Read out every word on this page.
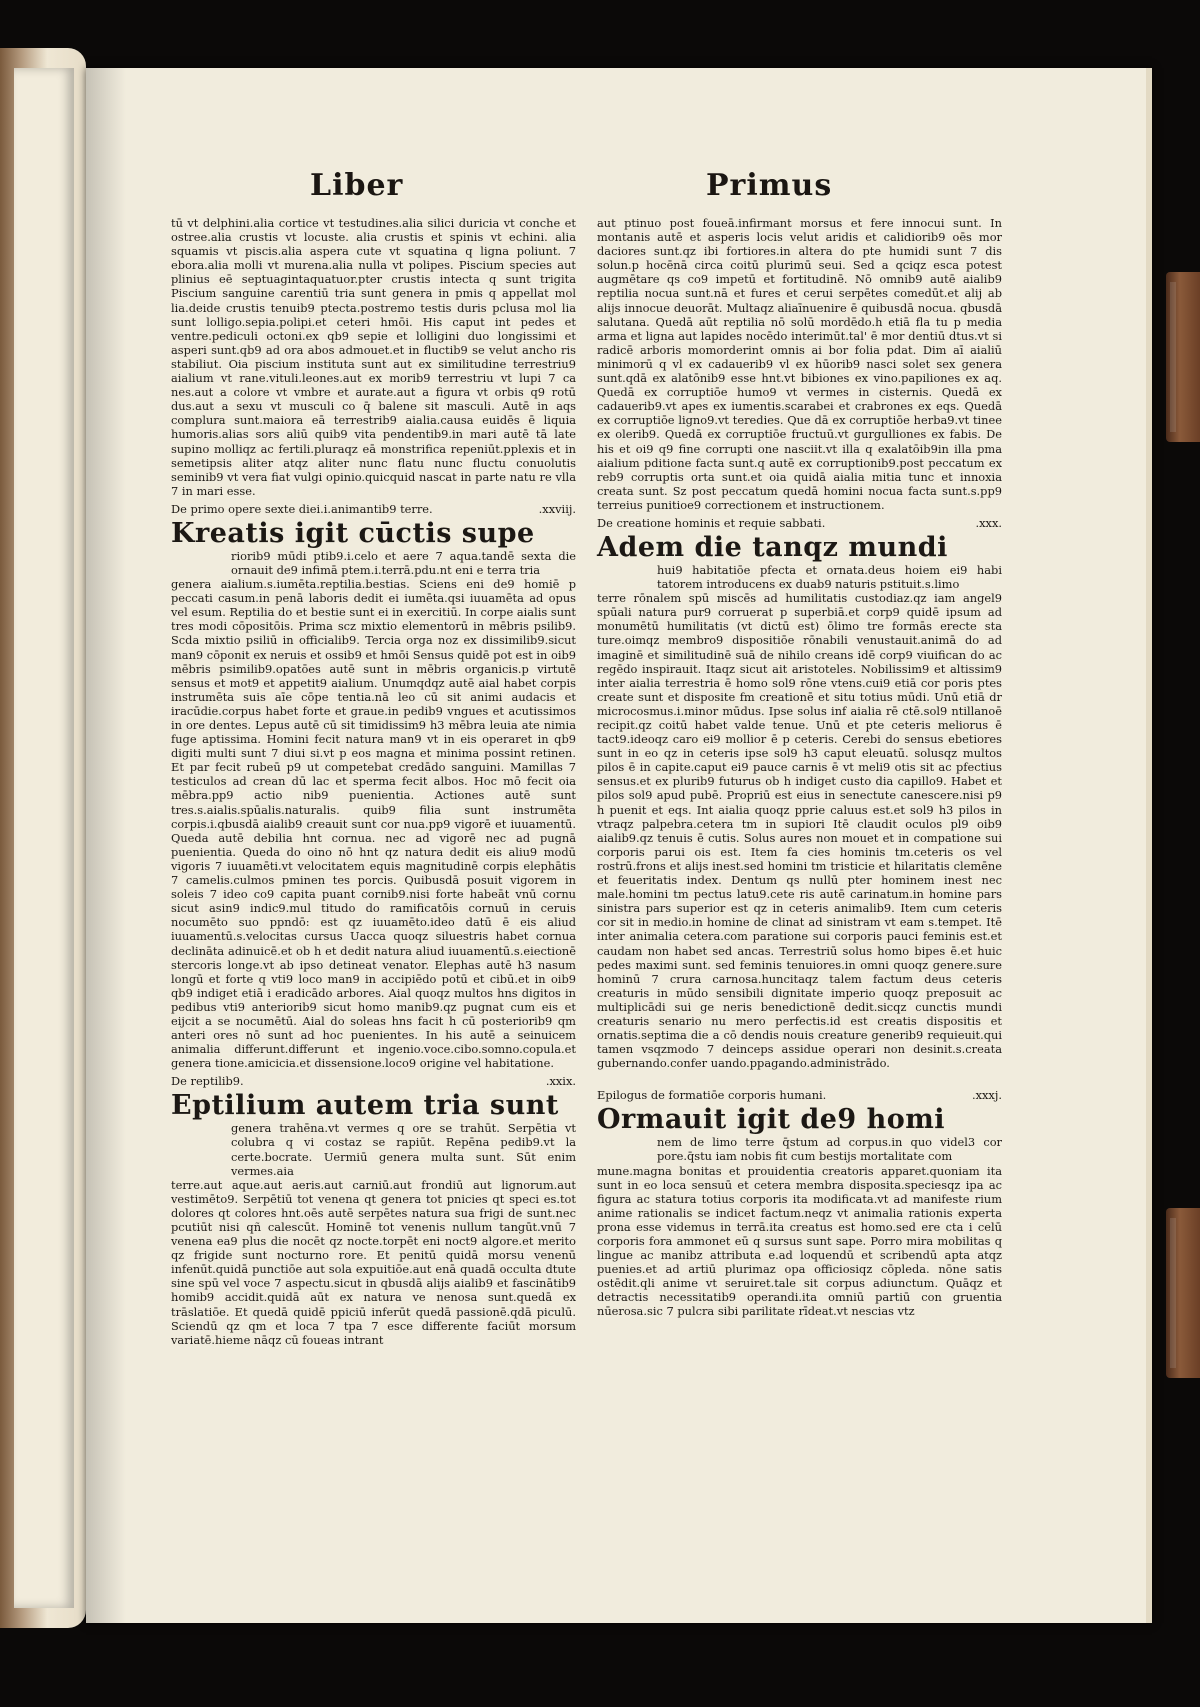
Liber	Primus

tū vt delphini.alia cortice vt testudines.alia silici duricia vt conche et ostree.alia crustis vt locuste. alia crustis et spinis vt echini. alia squamis vt piscis.alia aspera cute vt squatina q ligna poliunt. 7 ebora.alia molli vt murena.alia nulla vt polipes. Piscium species aut plinius eē septuagintaquatuor.pter crustis intecta q sunt trigita Piscium sanguine carentiū tria sunt genera in pmis q appellat mol lia.deide crustis tenuib9 ptecta.postremo testis duris pclusa mol lia sunt lolligo.sepia.polipi.et ceteri hmōi. His caput int pedes et ventre.pediculi octoni.ex qb9 sepie et lolligini duo longissimi et asperi sunt.qb9 ad ora abos admouet.et in fluctib9 se velut ancho ris stabiliut. Oia piscium instituta sunt aut ex similitudine terrestriu9 aialium vt rane.vituli.leones.aut ex morib9 terrestriu vt lupi 7 ca nes.aut a colore vt vmbre et aurate.aut a figura vt orbis q9 rotū dus.aut a sexu vt musculi co q̄ balene sit masculi. Autē in aqs complura sunt.maiora eā terrestrib9 aialia.causa euidēs ē liquia humoris.alias sors aliū quib9 vita pendentib9.in mari autē tā late supino molliqz ac fertili.pluraqz eā monstrifica repeniūt.pplexis et in semetipsis aliter atqz aliter nunc flatu nunc fluctu conuolutis seminib9 vt vera fiat vulgi opinio.quicquid nascat in parte natu re vlla 7 in mari esse.

De primo opere sexte diei.i.animantib9 terre.	.xxviij.
Kreatis igit cūctis supe

riorib9 mūdi ptib9.i.celo et aere 7 aqua.tandē sexta die ornauit de9 infimā ptem.i.terrā.pdu.nt eni e terra tria

genera aialium.s.iumēta.reptilia.bestias. Sciens eni de9 homiē p peccati casum.in penā laboris dedit ei iumēta.qsi iuuamēta ad opus vel esum. Reptilia do et bestie sunt ei in exercitiū. In corpe aialis sunt tres modi cōpositōis. Prima scz mixtio elementorū in mēbris psilib9. Scda mixtio psiliū in officialib9. Tercia orga noz ex dissimilib9.sicut man9 cōponit ex neruis et ossib9 et hmōi Sensus quidē pot est in oib9 mēbris psimilib9.opatōes autē sunt in mēbris organicis.p virtutē sensus et mot9 et appetit9 aialium. Unumqdqz autē aial habet corpis instrumēta suis aīe cōpe tentia.nā leo cū sit animi audacis et iracūdie.corpus habet forte et graue.in pedib9 vngues et acutissimos in ore dentes. Lepus autē cū sit timidissim9 h3 mēbra leuia ate nimia fuge aptissima. Homini fecit natura man9 vt in eis operaret in qb9 digiti multi sunt 7 diui si.vt p eos magna et minima possint retinen. Et par fecit rubeū p9 ut competebat credādo sanguini. Mamillas 7 testiculos ad crean dū lac et sperma fecit albos. Hoc mō fecit oia mēbra.pp9 actio nib9 puenientia. Actiones autē sunt tres.s.aialis.spūalis.naturalis. quib9 filia sunt instrumēta corpis.i.qbusdā aialib9 creauit sunt cor nua.pp9 vigorē et iuuamentū. Queda autē debilia hnt cornua. nec ad vigorē nec ad pugnā puenientia. Queda do oino nō hnt qz natura dedit eis aliu9 modū vigoris 7 iuuamēti.vt velocitatem equis magnitudinē corpis elephātis 7 camelis.culmos pminen tes porcis. Quibusdā posuit vigorem in soleis 7 ideo co9 capita puant cornib9.nisi forte habeāt vnū cornu sicut asin9 indic9.mul titudo do ramificatōis cornuū in ceruis nocumēto suo ppndō: est qz iuuamēto.ideo datū ē eis aliud iuuamentū.s.velocitas cursus Uacca quoqz siluestris habet cornua declināta adinuicē.et ob h et dedit natura aliud iuuamentū.s.eiectionē stercoris longe.vt ab ipso detineat venator. Elephas autē h3 nasum longū et forte q vti9 loco man9 in accipiēdo potū et cibū.et in oib9 qb9 indiget etiā i eradicādo arbores. Aial quoqz multos hns digitos in pedibus vti9 anteriorib9 sicut homo manib9.qz pugnat cum eis et eijcit a se nocumētū. Aial do soleas hns facit h cū posteriorib9 qm anteri ores nō sunt ad hoc puenientes. In his autē a seinuicem animalia differunt.differunt et ingenio.voce.cibo.somno.copula.et genera tione.amicicia.et dissensione.loco9 origine vel habitatione.

De reptilib9.	.xxix.
Eptilium autem tria sunt

genera trahēna.vt vermes q ore se trahūt. Serpētia vt colubra q vi costaz se rapiūt. Repēna pedib9.vt la certe.bocrate. Uermiū genera multa sunt. Sūt enim vermes.aia

terre.aut aque.aut aeris.aut carniū.aut frondiū aut lignorum.aut vestimēto9. Serpētiū tot venena qt genera tot pnicies qt speci es.tot dolores qt colores hnt.oēs autē serpētes natura sua frigi de sunt.nec pcutiūt nisi qñ calescūt. Hominē tot venenis nullum tangūt.vnū 7 venena ea9 plus die nocēt qz nocte.torpēt eni noct9 algore.et merito qz frigide sunt nocturno rore. Et penitū quidā morsu venenū infenūt.quidā punctiōe aut sola expuitiōe.aut enā quadā occulta dtute sine spū vel voce 7 aspectu.sicut in qbusdā alijs aialib9 et fascinātib9 homib9 accidit.quidā aūt ex natura ve nenosa sunt.quedā ex trāslatiōe. Et quedā quidē ppiciū inferūt quedā passionē.qdā piculū. Sciendū qz qm et loca 7 tpa 7 esce differente faciūt morsum variatē.hieme nāqz cū foueas intrant

aut ptinuo post foueā.infirmant morsus et fere innocui sunt. In montanis autē et asperis locis velut aridis et calidiorib9 oēs mor daciores sunt.qz ibi fortiores.in altera do pte humidi sunt 7 dis solun.p hocēnā circa coitū plurimū seui. Sed a qciqz esca potest augmētare qs co9 impetū et fortitudinē. Nō omnib9 autē aialib9 reptilia nocua sunt.nā et fures et cerui serpētes comedūt.et alij ab alijs innocue deuorāt. Multaqz aliaīnuenire ē quibusdā nocua. qbusdā salutana. Quedā aūt reptilia nō solū mordēdo.h etiā fla tu p media arma et ligna aut lapides nocēdo interimūt.tal' ē mor dentiū dtus.vt si radicē arboris momorderint omnis ai bor folia pdat. Dim aī aialiū minimorū q vl ex cadauerib9 vl ex hūorib9 nasci solet sex genera sunt.qdā ex alatōnib9 esse hnt.vt bibiones ex vino.papiliones ex aq. Quedā ex corruptiōe humo9 vt vermes in cisternis. Quedā ex cadauerib9.vt apes ex iumentis.scarabei et crabrones ex eqs. Quedā ex corruptiōe ligno9.vt teredies. Que dā ex corruptiōe herba9.vt tinee ex olerib9. Quedā ex corruptiōe fructuū.vt gurgulliones ex fabis. De his et oi9 q9 fine corrupti one nasciit.vt illa q exalatōib9in illa pma aialium pditione facta sunt.q autē ex corruptionib9.post peccatum ex reb9 corruptis orta sunt.et oia quidā aialia mitia tunc et innoxia creata sunt. Sz post peccatum quedā homini nocua facta sunt.s.pp9 terreius punitioe9 correctionem et instructionem.

De creatione hominis et requie sabbati.	.xxx.
Adem die tanqz mundi

hui9 habitatiōe pfecta et ornata.deus hoiem ei9 habi tatorem introducens ex duab9 naturis pstituit.s.limo

terre rōnalem spū miscēs ad humilitatis custodiaz.qz iam angel9 spūali natura pur9 corruerat p superbiā.et corp9 quidē ipsum ad monumētū humilitatis (vt dictū est) ōlimo tre formās erecte sta ture.oimqz membro9 dispositiōe rōnabili venustauit.animā do ad imaginē et similitudinē suā de nihilo creans idē corp9 viuifican do ac regēdo inspirauit. Itaqz sicut ait aristoteles. Nobilissim9 et altissim9 inter aialia terrestria ē homo sol9 rōne vtens.cui9 etiā cor poris ptes create sunt et disposite fm creationē et situ totius mūdi. Unū etiā dr microcosmus.i.minor mūdus. Ipse solus inf aialia rē ctē.sol9 ntillanoē recipit.qz coitū habet valde tenue. Unū et pte ceteris meliorus ē tact9.ideoqz caro ei9 mollior ē p ceteris. Cerebi do sensus ebetiores sunt in eo qz in ceteris ipse sol9 h3 caput eleuatū. solusqz multos pilos ē in capite.caput ei9 pauce carnis ē vt meli9 otis sit ac pfectius sensus.et ex plurib9 futurus ob h indiget custo dia capillo9. Habet et pilos sol9 apud pubē. Propriū est eius in senectute canescere.nisi p9 h puenit et eqs. Int aialia quoqz pprie caluus est.et sol9 h3 pilos in vtraqz palpebra.cetera tm in supiori Itē claudit oculos pl9 oib9 aialib9.qz tenuis ē cutis. Solus aures non mouet et in compatione sui corporis parui ois est. Item fa cies hominis tm.ceteris os vel rostrū.frons et alijs inest.sed homini tm tristicie et hilaritatis clemēne et feueritatis index. Dentum qs nullū pter hominem inest nec male.homini tm pectus latu9.cete ris autē carinatum.in homine pars sinistra pars superior est qz in ceteris animalib9. Item cum ceteris cor sit in medio.in homine de clinat ad sinistram vt eam s.tempet. Itē inter animalia cetera.com paratione sui corporis pauci feminis est.et caudam non habet sed ancas. Terrestriū solus homo bipes ē.et huic pedes maximi sunt. sed feminis tenuiores.in omni quoqz genere.sure hominū 7 crura carnosa.huncitaqz talem factum deus ceteris creaturis in mūdo sensibili dignitate imperio quoqz preposuit ac multiplicādi sui ge neris benedictionē dedit.sicqz cunctis mundi creaturis senario nu mero perfectis.id est creatis dispositis et ornatis.septima die a cō dendis nouis creature generib9 requieuit.qui tamen vsqzmodo 7 deinceps assidue operari non desinit.s.creata gubernando.confer uando.ppagando.administrādo.

Epilogus de formatiōe corporis humani.	.xxxj.
Ormauit igit de9 homi

nem de limo terre q̄stum ad corpus.in quo videl3 cor pore.q̄stu iam nobis fit cum bestijs mortalitate com

mune.magna bonitas et prouidentia creatoris apparet.quoniam ita sunt in eo loca sensuū et cetera membra disposita.speciesqz ipa ac figura ac statura totius corporis ita modificata.vt ad manifeste rium anime rationalis se indicet factum.neqz vt animalia rationis experta prona esse videmus in terrā.ita creatus est homo.sed ere cta i celū corporis fora ammonet eū q sursus sunt sape. Porro mira mobilitas q lingue ac manibz attributa e.ad loquendū et scribendū apta atqz puenies.et ad artiū plurimaz opa officiosiqz cōpleda. nōne satis ostēdit.qli anime vt seruiret.tale sit corpus adiunctum. Quāqz et detractis necessitatib9 operandi.ita omniū partiū con gruentia nūerosa.sic 7 pulcra sibi parilitate rīdeat.vt nescias vtz
